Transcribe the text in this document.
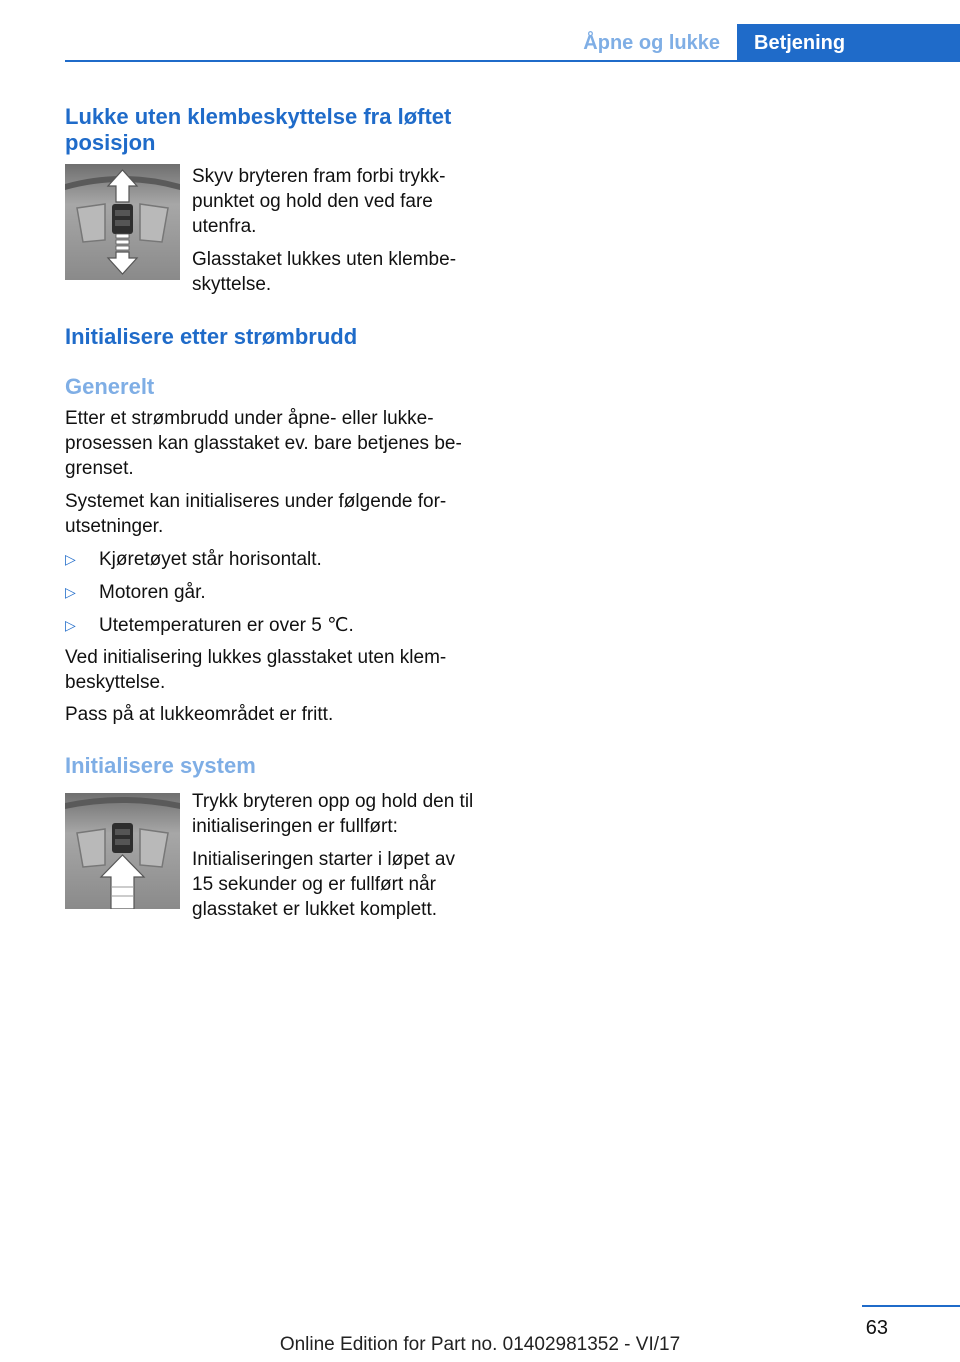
Åpne og lukke	Betjening
Lukke uten klembeskyttelse fra løftet posisjon

Skyv bryteren fram forbi trykkpunktet og hold den ved fare utenfra.

Glasstaket lukkes uten klembeskyttelse.

Initialisere etter strømbrudd
Generelt

Etter et strømbrudd under åpne- eller lukkeprosessen kan glasstaket ev. bare betjenes begrenset.

Systemet kan initialiseres under følgende forutsetninger.

▷ Kjøretøyet står horisontalt.
▷ Motoren går.
▷ Utetemperaturen er over 5 ℃.

Ved initialisering lukkes glasstaket uten klembeskyttelse.

Pass på at lukkeområdet er fritt.

Initialisere system

Trykk bryteren opp og hold den til initialiseringen er fullført:

Initialiseringen starter i løpet av 15 sekunder og er fullført når glasstaket er lukket komplett.

63
Online Edition for Part no. 01402981352 - VI/17
